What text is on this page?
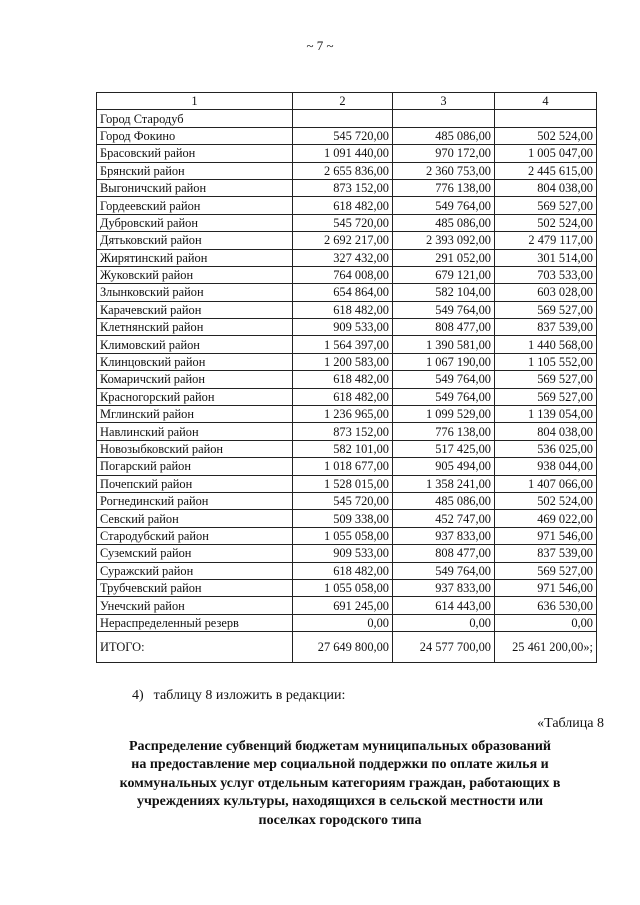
~ 7 ~
1	2	3	4
Город Стародуб			
Город Фокино	545 720,00	485 086,00	502 524,00
Брасовский район	1 091 440,00	970 172,00	1 005 047,00
Брянский район	2 655 836,00	2 360 753,00	2 445 615,00
Выгоничский район	873 152,00	776 138,00	804 038,00
Гордеевский район	618 482,00	549 764,00	569 527,00
Дубровский район	545 720,00	485 086,00	502 524,00
Дятьковский район	2 692 217,00	2 393 092,00	2 479 117,00
Жирятинский район	327 432,00	291 052,00	301 514,00
Жуковский район	764 008,00	679 121,00	703 533,00
Злынковский район	654 864,00	582 104,00	603 028,00
Карачевский район	618 482,00	549 764,00	569 527,00
Клетнянский район	909 533,00	808 477,00	837 539,00
Климовский район	1 564 397,00	1 390 581,00	1 440 568,00
Клинцовский район	1 200 583,00	1 067 190,00	1 105 552,00
Комаричский район	618 482,00	549 764,00	569 527,00
Красногорский район	618 482,00	549 764,00	569 527,00
Мглинский район	1 236 965,00	1 099 529,00	1 139 054,00
Навлинский район	873 152,00	776 138,00	804 038,00
Новозыбковский район	582 101,00	517 425,00	536 025,00
Погарский район	1 018 677,00	905 494,00	938 044,00
Почепский район	1 528 015,00	1 358 241,00	1 407 066,00
Рогнединский район	545 720,00	485 086,00	502 524,00
Севский район	509 338,00	452 747,00	469 022,00
Стародубский район	1 055 058,00	937 833,00	971 546,00
Суземский район	909 533,00	808 477,00	837 539,00
Суражский район	618 482,00	549 764,00	569 527,00
Трубчевский район	1 055 058,00	937 833,00	971 546,00
Унечский район	691 245,00	614 443,00	636 530,00
Нераспределенный резерв	0,00	0,00	0,00
ИТОГО:	27 649 800,00	24 577 700,00	25 461 200,00»;
4) таблицу 8 изложить в редакции:
«Таблица 8
Распределение субвенций бюджетам муниципальных образований
на предоставление мер социальной поддержки по оплате жилья и
коммунальных услуг отдельным категориям граждан, работающих в
учреждениях культуры, находящихся в сельской местности или
поселках городского типа
